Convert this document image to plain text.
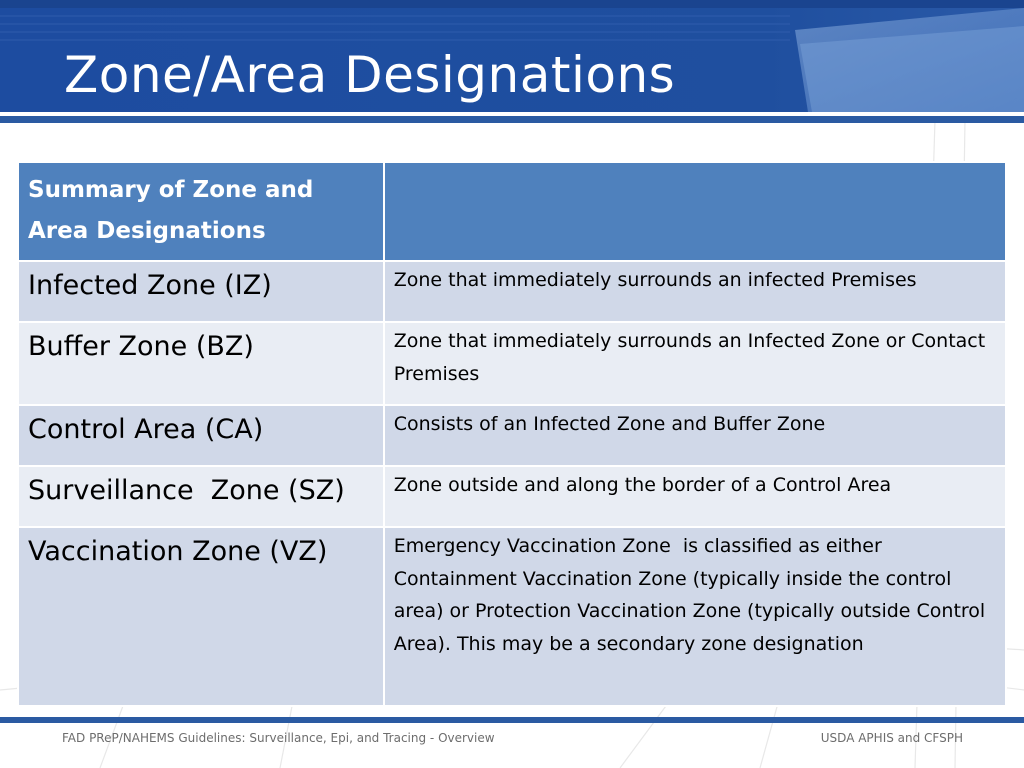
Zone/Area Designations
Summary of Zone and Area Designations	
Infected Zone (IZ)	Zone that immediately surrounds an infected Premises
Buffer Zone (BZ)	Zone that immediately surrounds an Infected Zone or Contact Premises
Control Area (CA)	Consists of an Infected Zone and Buffer Zone
Surveillance  Zone (SZ)	Zone outside and along the border of a Control Area
Vaccination Zone (VZ)	Emergency Vaccination Zone  is classified as either Containment Vaccination Zone (typically inside the control area) or Protection Vaccination Zone (typically outside Control Area). This may be a secondary zone designation
FAD PReP/NAHEMS Guidelines: Surveillance, Epi, and Tracing - Overview	USDA APHIS and CFSPH
